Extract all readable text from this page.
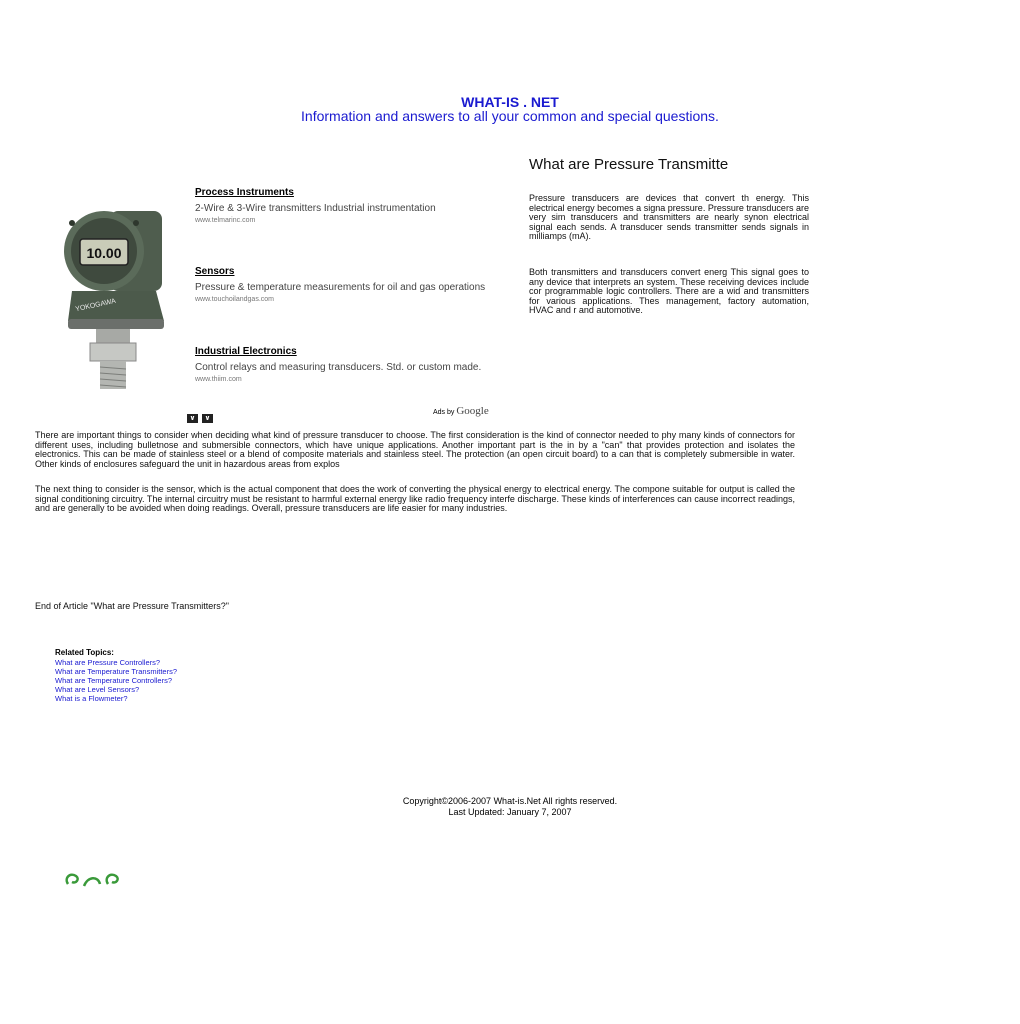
WHAT-IS . NET
Information and answers to all your common and special questions.
What are Pressure Transmitte
10.00
YOKOGAWA
Process Instruments
2-Wire & 3-Wire transmitters Industrial instrumentation
www.telmarinc.com
Sensors
Pressure & temperature measurements for oil and gas operations
www.touchoilandgas.com
Industrial Electronics
Control relays and measuring transducers. Std. or custom made.
www.thiim.com
∨ ∨
Ads by Google
Pressure transducers are devices that convert th energy. This electrical energy becomes a signa pressure. Pressure transducers are very sim transducers and transmitters are nearly synon electrical signal each sends. A transducer sends transmitter sends signals in milliamps (mA).
Both transmitters and transducers convert energ This signal goes to any device that interprets an system. These receiving devices include cor programmable logic controllers. There are a wid and transmitters for various applications. Thes management, factory automation, HVAC and r and automotive.
There are important things to consider when deciding what kind of pressure transducer to choose. The first consideration is the kind of connector needed to phy many kinds of connectors for different uses, including bulletnose and submersible connectors, which have unique applications. Another important part is the in by a "can" that provides protection and isolates the electronics. This can be made of stainless steel or a blend of composite materials and stainless steel. The protection (an open circuit board) to a can that is completely submersible in water. Other kinds of enclosures safeguard the unit in hazardous areas from explos
The next thing to consider is the sensor, which is the actual component that does the work of converting the physical energy to electrical energy. The compone suitable for output is called the signal conditioning circuitry. The internal circuitry must be resistant to harmful external energy like radio frequency interfe discharge. These kinds of interferences can cause incorrect readings, and are generally to be avoided when doing readings. Overall, pressure transducers are life easier for many industries.
End of Article "What are Pressure Transmitters?"
Related Topics:
What are Pressure Controllers?
What are Temperature Transmitters?
What are Temperature Controllers?
What are Level Sensors?
What is a Flowmeter?
Copyright©2006-2007 What-is.Net All rights reserved.
Last Updated: January 7, 2007
